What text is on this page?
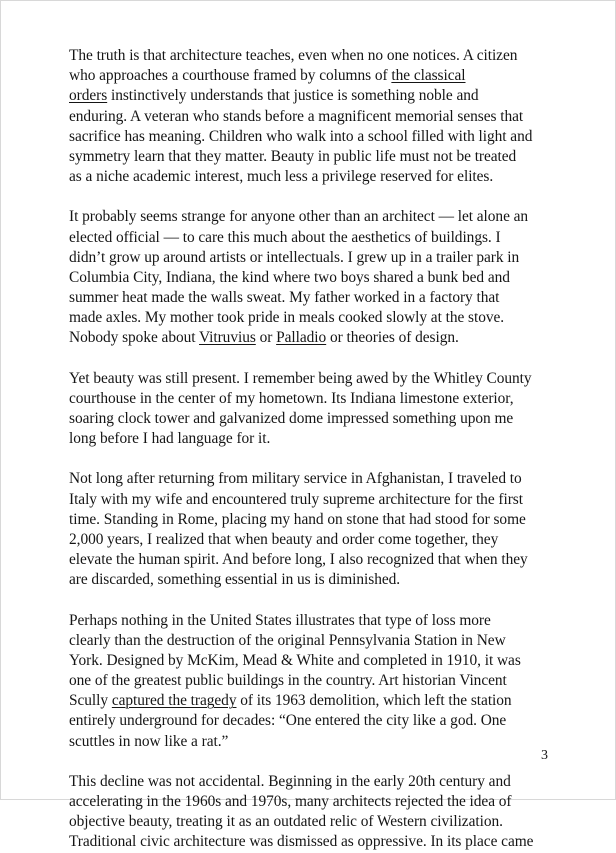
The truth is that architecture teaches, even when no one notices. A citizen
who approaches a courthouse framed by columns of the classical
orders instinctively understands that justice is something noble and
enduring. A veteran who stands before a magnificent memorial senses that
sacrifice has meaning. Children who walk into a school filled with light and
symmetry learn that they matter. Beauty in public life must not be treated
as a niche academic interest, much less a privilege reserved for elites.

It probably seems strange for anyone other than an architect — let alone an
elected official — to care this much about the aesthetics of buildings. I
didn’t grow up around artists or intellectuals. I grew up in a trailer park in
Columbia City, Indiana, the kind where two boys shared a bunk bed and
summer heat made the walls sweat. My father worked in a factory that
made axles. My mother took pride in meals cooked slowly at the stove.
Nobody spoke about Vitruvius or Palladio or theories of design.

Yet beauty was still present. I remember being awed by the Whitley County
courthouse in the center of my hometown. Its Indiana limestone exterior,
soaring clock tower and galvanized dome impressed something upon me
long before I had language for it.

Not long after returning from military service in Afghanistan, I traveled to
Italy with my wife and encountered truly supreme architecture for the first
time. Standing in Rome, placing my hand on stone that had stood for some
2,000 years, I realized that when beauty and order come together, they
elevate the human spirit. And before long, I also recognized that when they
are discarded, something essential in us is diminished.

Perhaps nothing in the United States illustrates that type of loss more
clearly than the destruction of the original Pennsylvania Station in New
York. Designed by McKim, Mead & White and completed in 1910, it was
one of the greatest public buildings in the country. Art historian Vincent
Scully captured the tragedy of its 1963 demolition, which left the station
entirely underground for decades: “One entered the city like a god. One
scuttles in now like a rat.”

This decline was not accidental. Beginning in the early 20th century and
accelerating in the 1960s and 1970s, many architects rejected the idea of
objective beauty, treating it as an outdated relic of Western civilization.
Traditional civic architecture was dismissed as oppressive. In its place came

3
